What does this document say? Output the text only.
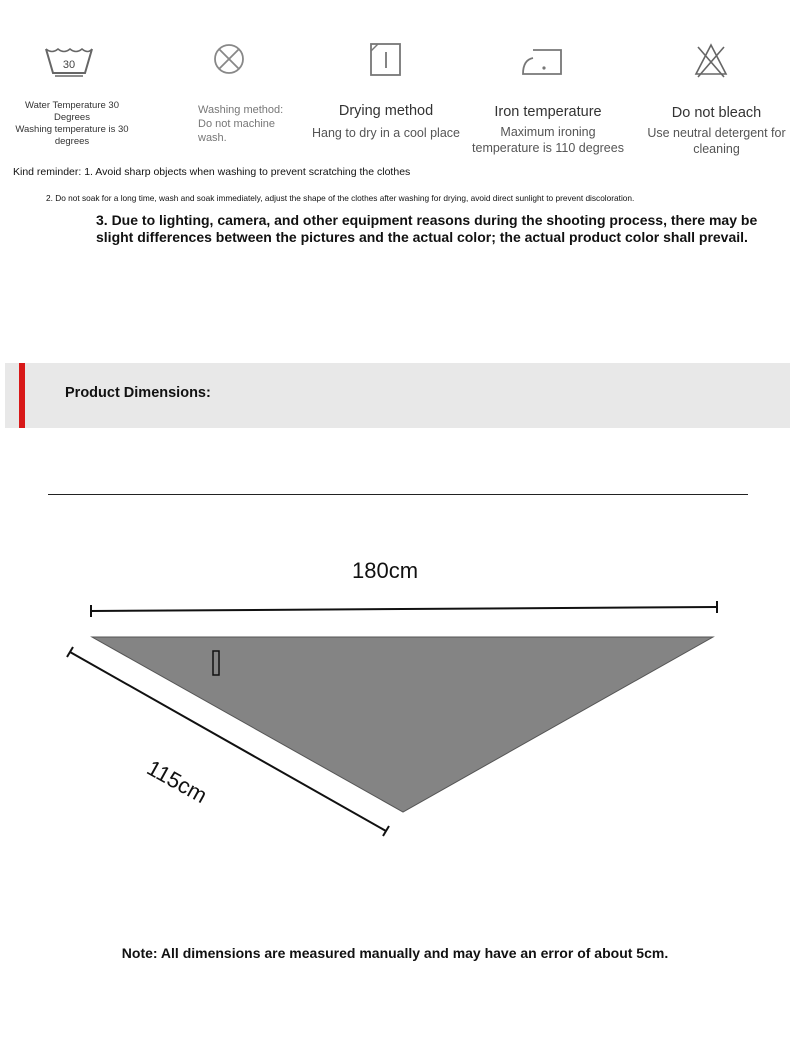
30
Water Temperature 30 Degrees
Washing temperature is 30 degrees
Washing method: Do not machine wash.
Drying method
Hang to dry in a cool place
Iron temperature
Maximum ironing temperature is 110 degrees
Do not bleach
Use neutral detergent for cleaning
Kind reminder: 1. Avoid sharp objects when washing to prevent scratching the clothes
2. Do not soak for a long time, wash and soak immediately, adjust the shape of the clothes after washing for drying, avoid direct sunlight to prevent discoloration.
3. Due to lighting, camera, and other equipment reasons during the shooting process, there may be slight differences between the pictures and the actual color; the actual product color shall prevail.
Product Dimensions:
180cm
115cm
Note: All dimensions are measured manually and may have an error of about 5cm.
